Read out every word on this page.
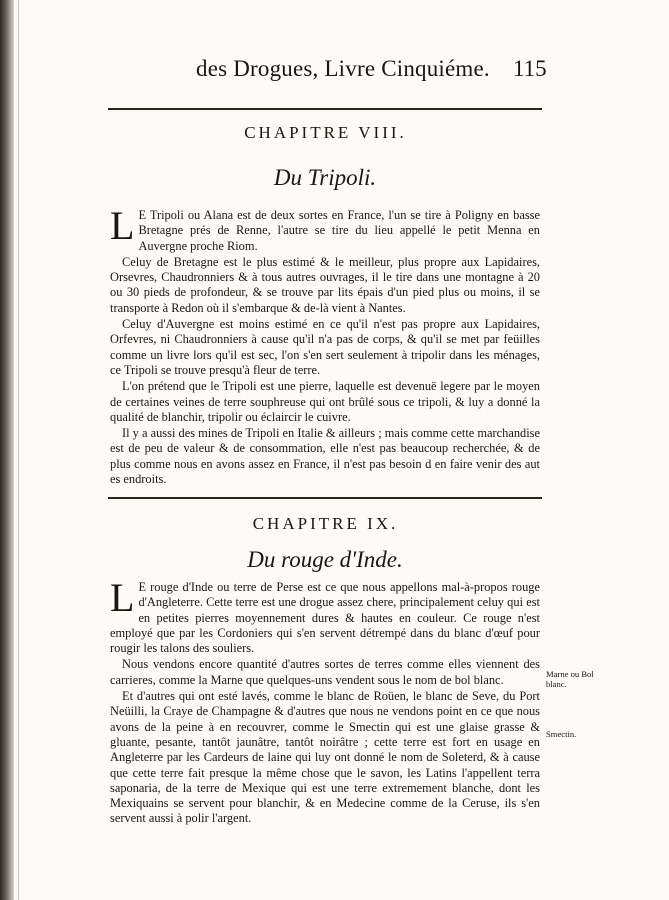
des Drogues, Livre Cinquiéme. 115
CHAPITRE VIII.
Du Tripoli.

L E Tripoli ou Alana est de deux sortes en France, l'un se tire à Poligny en basse Bretagne prés de Renne, l'autre se tire du lieu appellé le petit Menna en Auvergne proche Riom.

Celuy de Bretagne est le plus estimé & le meilleur, plus propre aux Lapidaires, Orsevres, Chaudronniers & à tous autres ouvrages, il le tire dans une montagne à 20 ou 30 pieds de profondeur, & se trouve par lits épais d'un pied plus ou moins, il se transporte à Redon où il s'embarque & de-là vient à Nantes.

Celuy d'Auvergne est moins estimé en ce qu'il n'est pas propre aux Lapidaires, Orfevres, ni Chaudronniers à cause qu'il n'a pas de corps, & qu'il se met par feüilles comme un livre lors qu'il est sec, l'on s'en sert seulement à tripolir dans les ménages, ce Tripoli se trouve presqu'à fleur de terre.

L'on prétend que le Tripoli est une pierre, laquelle est devenuë legere par le moyen de certaines veines de terre souphreuse qui ont brûlé sous ce tripoli, & luy a donné la qualité de blanchir, tripolir ou éclaircir le cuivre.

Il y a aussi des mines de Tripoli en Italie & ailleurs ; mais comme cette marchandise est de peu de valeur & de consommation, elle n'est pas beaucoup recherchée, & de plus comme nous en avons assez en France, il n'est pas besoin d en faire venir des aut es endroits.

CHAPITRE IX.
Du rouge d'Inde.

L E rouge d'Inde ou terre de Perse est ce que nous appellons mal-à-propos rouge d'Angleterre. Cette terre est une drogue assez chere, principalement celuy qui est en petites pierres moyennement dures & hautes en couleur. Ce rouge n'est employé que par les Cordoniers qui s'en servent détrempé dans du blanc d'œuf pour rougir les talons des souliers.

Nous vendons encore quantité d'autres sortes de terres comme elles viennent des carrieres, comme la Marne que quelques-uns vendent sous le nom de bol blanc.

Et d'autres qui ont esté lavés, comme le blanc de Roüen, le blanc de Seve, du Port Neüilli, la Craye de Champagne & d'autres que nous ne vendons point en ce que nous avons de la peine à en recouvrer, comme le Smectin qui est une glaise grasse & gluante, pesante, tantôt jaunâtre, tantôt noirâtre ; cette terre est fort en usage en Angleterre par les Cardeurs de laine qui luy ont donné le nom de Soleterd, & à cause que cette terre fait presque la même chose que le savon, les Latins l'appellent terra saponaria, de la terre de Mexique qui est une terre extremement blanche, dont les Mexiquains se servent pour blanchir, & en Medecine comme de la Ceruse, ils s'en servent aussi à polir l'argent.

Marne ou Bol blanc.
Smectin.
